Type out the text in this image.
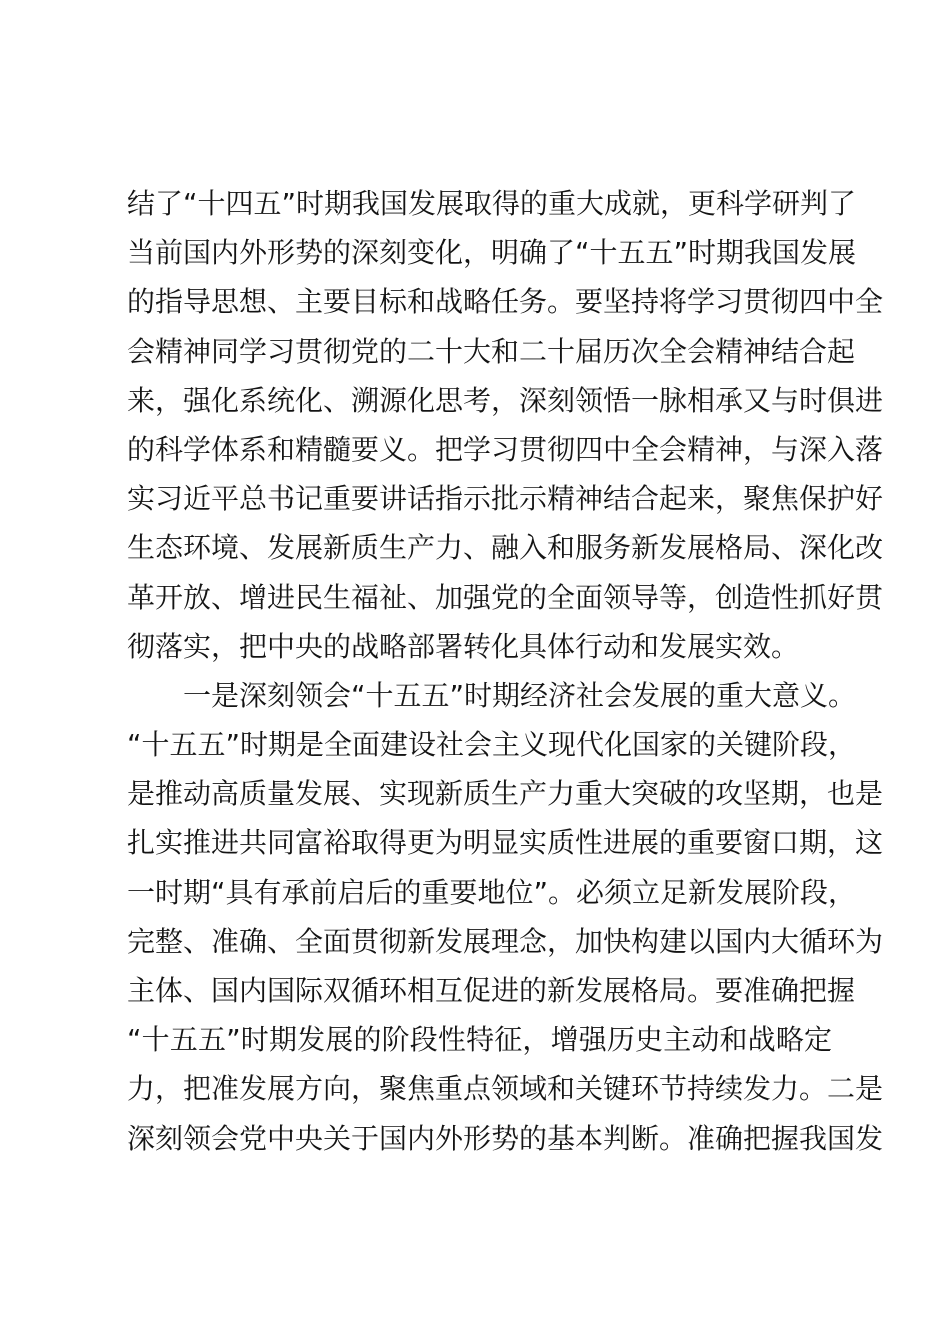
结了“十四五”时期我国发展取得的重大成就，更科学研判了
当前国内外形势的深刻变化，明确了“十五五”时期我国发展
的指导思想、主要目标和战略任务。要坚持将学习贯彻四中全
会精神同学习贯彻党的二十大和二十届历次全会精神结合起
来，强化系统化、溯源化思考，深刻领悟一脉相承又与时俱进
的科学体系和精髓要义。把学习贯彻四中全会精神，与深入落
实习近平总书记重要讲话指示批示精神结合起来，聚焦保护好
生态环境、发展新质生产力、融入和服务新发展格局、深化改
革开放、增进民生福祉、加强党的全面领导等，创造性抓好贯
彻落实，把中央的战略部署转化具体行动和发展实效。
一是深刻领会“十五五”时期经济社会发展的重大意义。
“十五五”时期是全面建设社会主义现代化国家的关键阶段，
是推动高质量发展、实现新质生产力重大突破的攻坚期，也是
扎实推进共同富裕取得更为明显实质性进展的重要窗口期，这
一时期“具有承前启后的重要地位”。必须立足新发展阶段，
完整、准确、全面贯彻新发展理念，加快构建以国内大循环为
主体、国内国际双循环相互促进的新发展格局。要准确把握
“十五五”时期发展的阶段性特征，增强历史主动和战略定
力，把准发展方向，聚焦重点领域和关键环节持续发力。二是
深刻领会党中央关于国内外形势的基本判断。准确把握我国发
